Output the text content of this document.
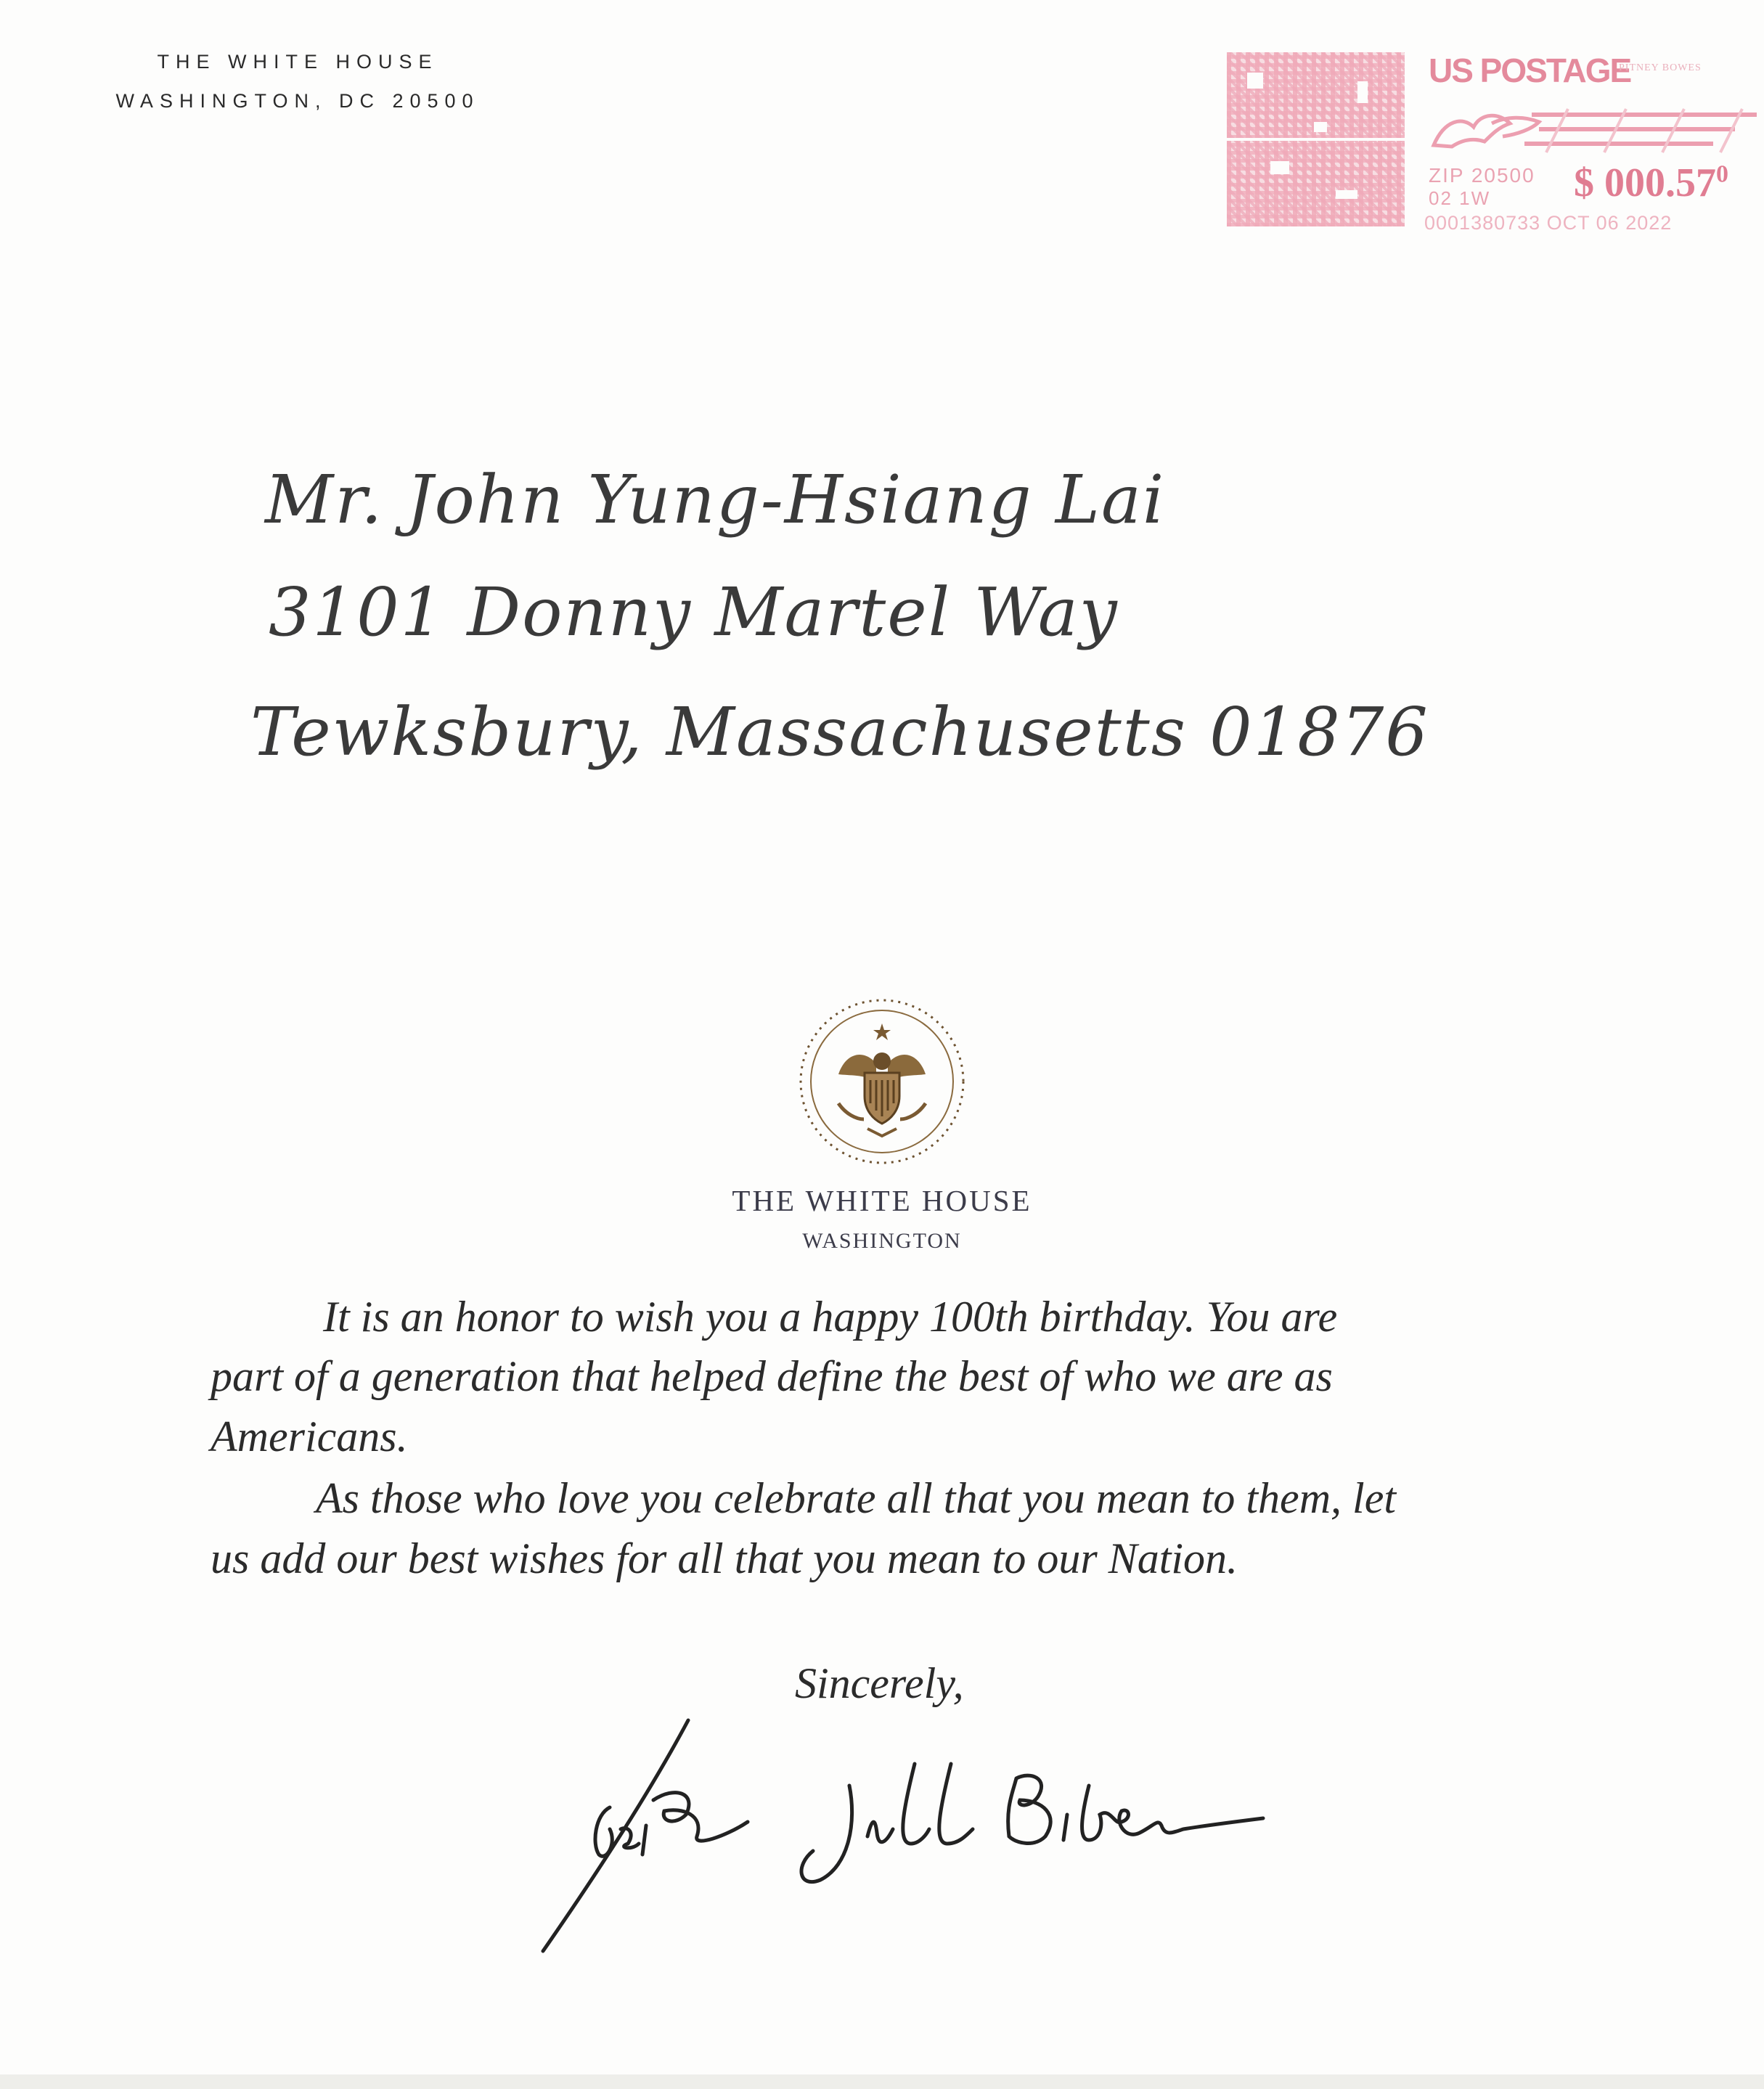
THE WHITE HOUSE
WASHINGTON, DC 20500
US POSTAGE
PITNEY BOWES
ZIP 20500
02 1W $ 000.57$^0$
0001380733 OCT 06 2022
Mr. John Yung-Hsiang Lai
3101 Donny Martel Way
Tewksbury, Massachusetts 01876
THE WHITE HOUSE
WASHINGTON
It is an honor to wish you a happy 100th birthday. You are
part of a generation that helped define the best of who we are as
Americans.
As those who love you celebrate all that you mean to them, let
us add our best wishes for all that you mean to our Nation.
Sincerely,
